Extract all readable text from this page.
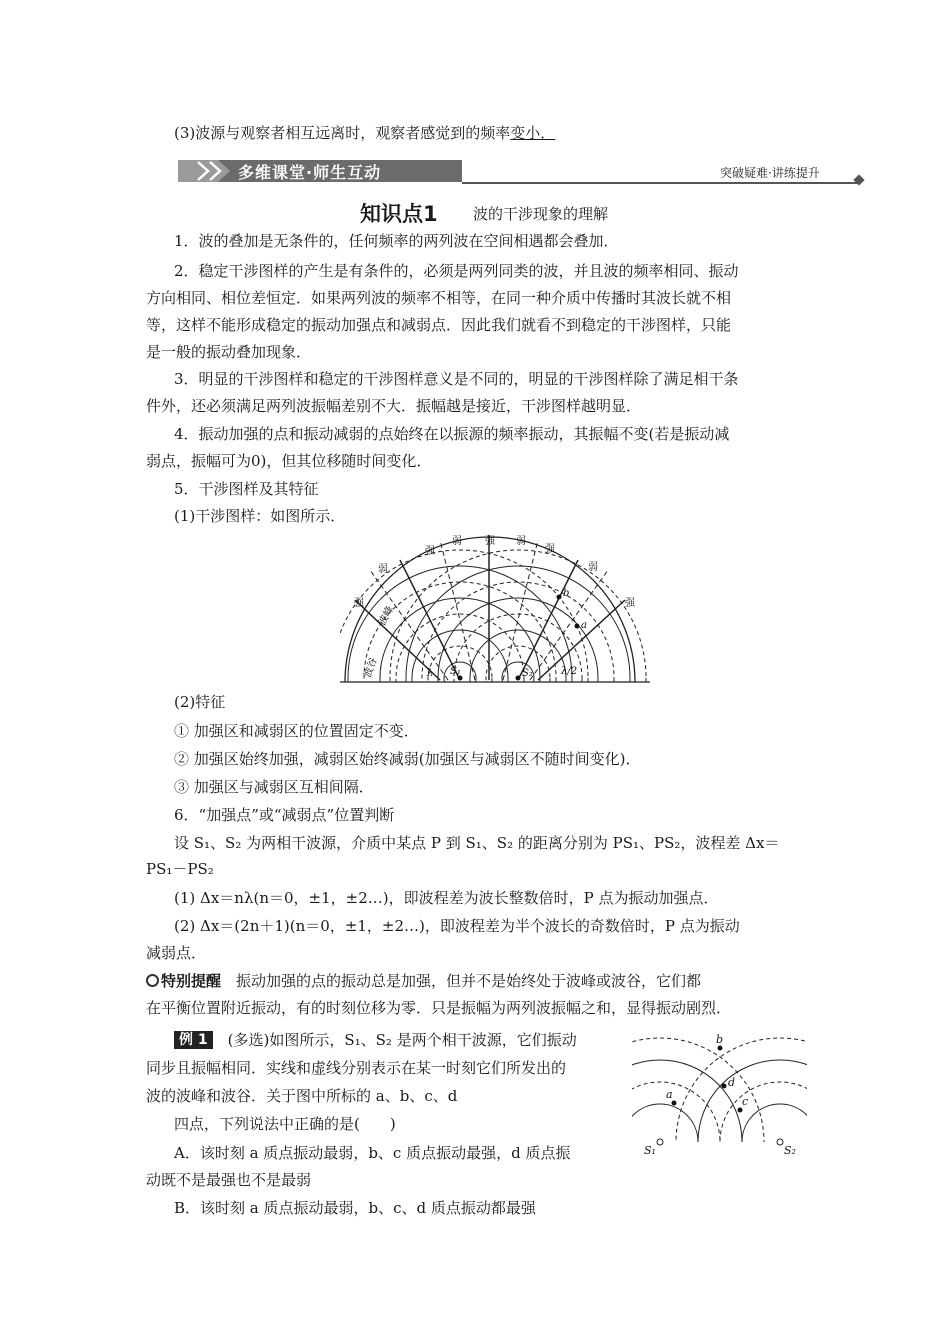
(3)波源与观察者相互远离时，观察者感觉到的频率变小．
多维课堂·师生互动	突破疑难·讲练提升
知识点1 波的干涉现象的理解
1．波的叠加是无条件的，任何频率的两列波在空间相遇都会叠加．
2．稳定干涉图样的产生是有条件的，必须是两列同类的波，并且波的频率相同、振动
方向相同、相位差恒定．如果两列波的频率不相等，在同一种介质中传播时其波长就不相
等，这样不能形成稳定的振动加强点和减弱点．因此我们就看不到稳定的干涉图样，只能
是一般的振动叠加现象．
3．明显的干涉图样和稳定的干涉图样意义是不同的，明显的干涉图样除了满足相干条
件外，还必须满足两列波振幅差别不大．振幅越是接近，干涉图样越明显．
4．振动加强的点和振动减弱的点始终在以振源的频率振动，其振幅不变(若是振动减
弱点，振幅可为0)，但其位移随时间变化．
5．干涉图样及其特征
(1)干涉图样：如图所示．
强
弱
强
弱 强 弱
强
弱
强
波峰
波谷
b
a
S₁	S₂
λ	λ/2
(2)特征
① 加强区和减弱区的位置固定不变．
② 加强区始终加强，减弱区始终减弱(加强区与减弱区不随时间变化)．
③ 加强区与减弱区互相间隔．
6．“加强点”或“减弱点”位置判断
设 S₁、S₂ 为两相干波源，介质中某点 P 到 S₁、S₂ 的距离分别为 PS₁、PS₂，波程差 Δx＝
PS₁－PS₂
(1) Δx＝nλ(n＝0，±1，±2…)，即波程差为波长整数倍时，P 点为振动加强点．
(2) Δx＝(2n＋1)(n＝0，±1，±2…)，即波程差为半个波长的奇数倍时，P 点为振动
减弱点．
特别提醒　 振动加强的点的振动总是加强，但并不是始终处于波峰或波谷，它们都
在平衡位置附近振动，有的时刻位移为零．只是振幅为两列波振幅之和，显得振动剧烈．
例 1　 (多选)如图所示，S₁、S₂ 是两个相干波源，它们振动
同步且振幅相同．实线和虚线分别表示在某一时刻它们所发出的
波的波峰和波谷．关于图中所标的 a、b、c、d
四点，下列说法中正确的是(　　)
A．该时刻 a 质点振动最弱，b、c 质点振动最强，d 质点振
动既不是最强也不是最弱
B．该时刻 a 质点振动最弱，b、c、d 质点振动都最强
b
a
c
d
S₁	S₂
